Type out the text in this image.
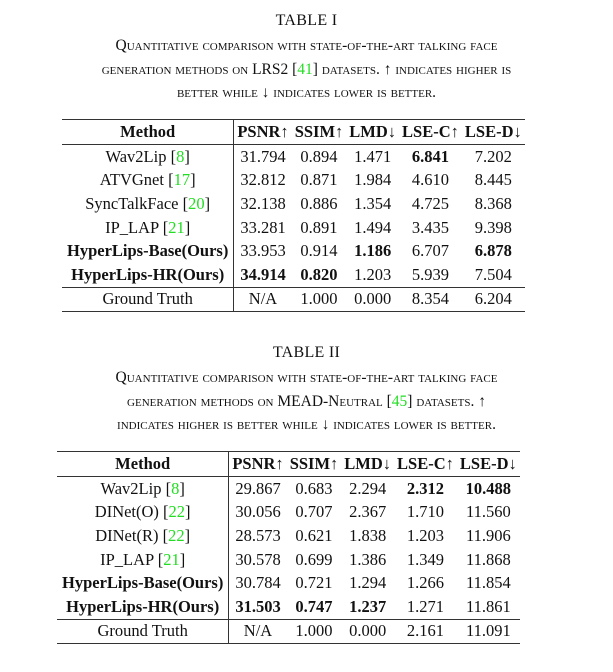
TABLE I
Quantitative comparison with state-of-the-art talking face
generation methods on LRS2 [41] datasets. ↑ indicates higher is
better while ↓ indicates lower is better.
Method	PSNR↑	SSIM↑	LMD↓	LSE-C↑	LSE-D↓
Wav2Lip [8]	31.794	0.894	1.471	6.841	7.202
ATVGnet [17]	32.812	0.871	1.984	4.610	8.445
SyncTalkFace [20]	32.138	0.886	1.354	4.725	8.368
IP_LAP [21]	33.281	0.891	1.494	3.435	9.398
HyperLips-Base(Ours)	33.953	0.914	1.186	6.707	6.878
HyperLips-HR(Ours)	34.914	0.820	1.203	5.939	7.504
Ground Truth	N/A	1.000	0.000	8.354	6.204
TABLE II
Quantitative comparison with state-of-the-art talking face
generation methods on MEAD-Neutral [45] datasets. ↑
indicates higher is better while ↓ indicates lower is better.
Method	PSNR↑	SSIM↑	LMD↓	LSE-C↑	LSE-D↓
Wav2Lip [8]	29.867	0.683	2.294	2.312	10.488
DINet(O) [22]	30.056	0.707	2.367	1.710	11.560
DINet(R) [22]	28.573	0.621	1.838	1.203	11.906
IP_LAP [21]	30.578	0.699	1.386	1.349	11.868
HyperLips-Base(Ours)	30.784	0.721	1.294	1.266	11.854
HyperLips-HR(Ours)	31.503	0.747	1.237	1.271	11.861
Ground Truth	N/A	1.000	0.000	2.161	11.091
